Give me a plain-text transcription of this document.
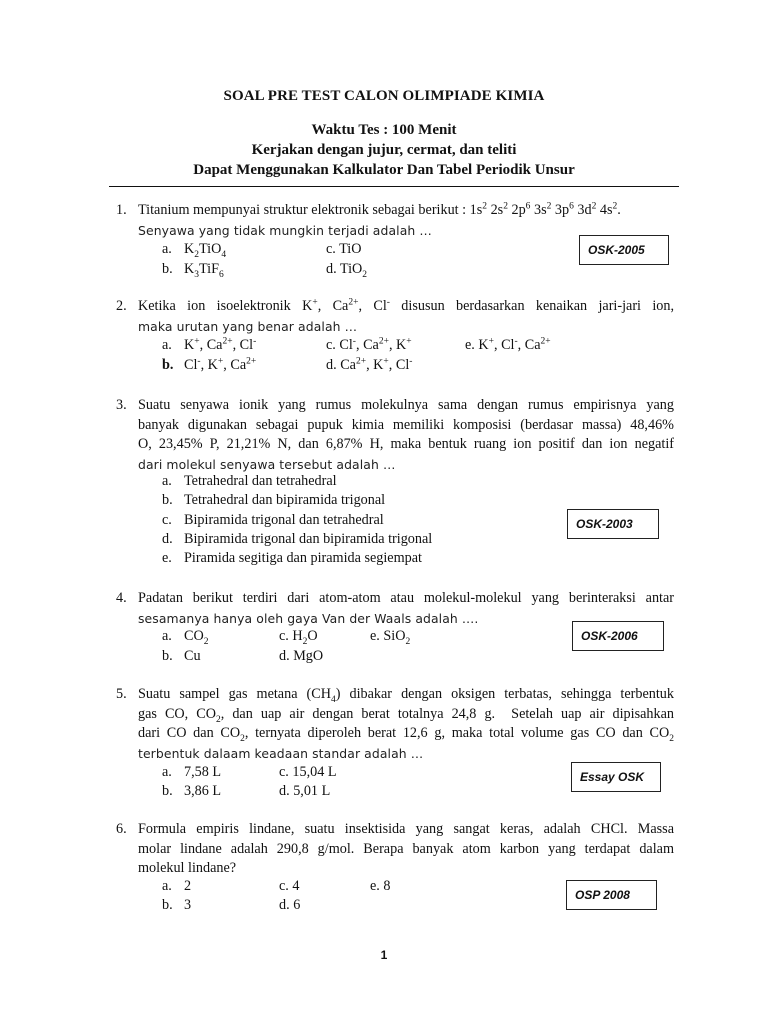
SOAL PRE TEST CALON OLIMPIADE KIMIA
Waktu Tes : 100 Menit
Kerjakan dengan jujur, cermat, dan teliti
Dapat Menggunakan Kalkulator Dan Tabel Periodik Unsur
1. Titanium mempunyai struktur elektronik sebagai berikut : $1s^2$ $2s^2$ $2p^6$ $3s^2$ $3p^6$ $3d^2$ $4s^2$.
Senyawa yang tidak mungkin terjadi adalah …
a. $K_2TiO_4$	c. TiO
b. $K_3TiF_6$	d. TiO$_2$
OSK-2005
2. Ketika ion isoelektronik K+, $Ca^{2+}$, Cl- disusun berdasarkan kenaikan jari-jari ion,
maka urutan yang benar adalah …
a. K+, $Ca^{2+}$, Cl-	c. Cl-, $Ca^{2+}$, K+	e. K+, Cl-, $Ca^{2+}$
b. Cl-, K+, $Ca^{2+}$	d. $Ca^{2+}$, K+, Cl-
3. Suatu senyawa ionik yang rumus molekulnya sama dengan rumus empirisnya yang
banyak digunakan sebagai pupuk kimia memiliki komposisi (berdasar massa) 48,46%
O, 23,45% P, 21,21% N, dan 6,87% H, maka bentuk ruang ion positif dan ion negatif
dari molekul senyawa tersebut adalah …
a. Tetrahedral dan tetrahedral
b. Tetrahedral dan bipiramida trigonal
c. Bipiramida trigonal dan tetrahedral
d. Bipiramida trigonal dan bipiramida trigonal
e. Piramida segitiga dan piramida segiempat
OSK-2003
4. Padatan berikut terdiri dari atom-atom atau molekul-molekul yang berinteraksi antar
sesamanya hanya oleh gaya Van der Waals adalah ….
a. $CO_2$	c. $H_2O$	e. SiO$_2$
b. Cu	d. MgO
OSK-2006
5. Suatu sampel gas metana $(CH_4)$ dibakar dengan oksigen terbatas, sehingga terbentuk
gas CO, $CO_2$, dan uap air dengan berat totalnya 24,8 g.  Setelah uap air dipisahkan
dari CO dan $CO_2$, ternyata diperoleh berat 12,6 g, maka total volume gas CO dan $CO_2$
terbentuk dalaam keadaan standar adalah …
a. 7,58 L	c. 15,04 L
b. 3,86 L	d. 5,01 L
Essay OSK
6. Formula empiris lindane, suatu insektisida yang sangat keras, adalah CHCl. Massa
molar lindane adalah 290,8 g/mol. Berapa banyak atom karbon yang terdapat dalam
molekul lindane?
a. 2	c. 4	e. 8
b. 3	d. 6
OSP 2008
1
